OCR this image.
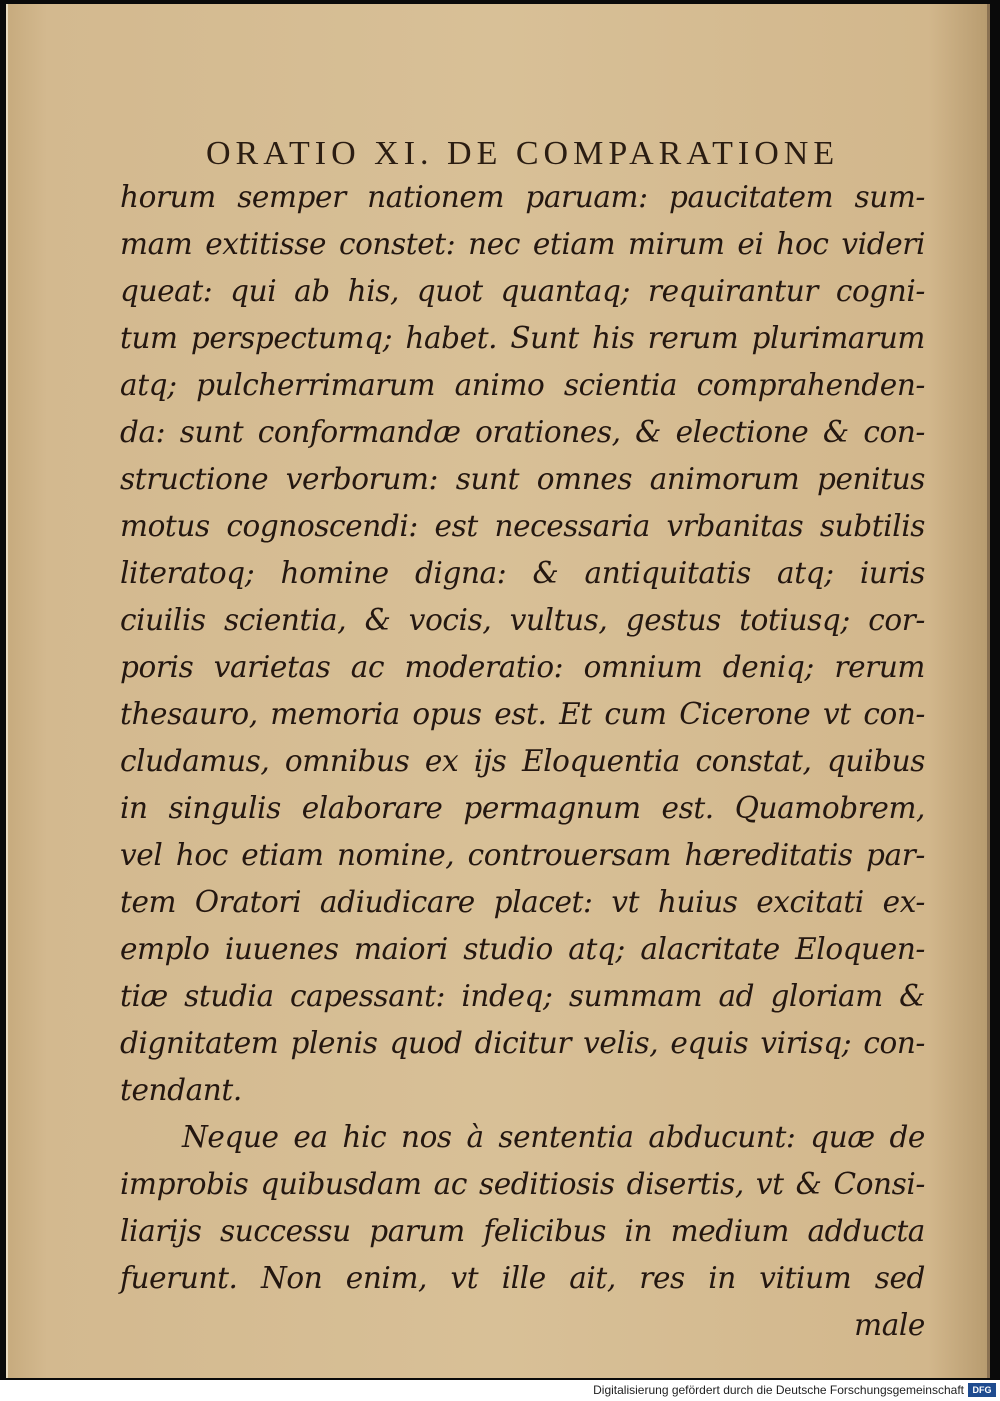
ORATIO XI. DE COMPARATIONE
horum semper nationem paruam: paucitatem sum-
mam extitisse constet: nec etiam mirum ei hoc videri
queat: qui ab his, quot quantaq; requirantur cogni-
tum perspectumq; habet. Sunt his rerum plurimarum
atq; pulcherrimarum animo scientia comprahenden-
da: sunt conformandæ orationes, & electione & con-
structione verborum: sunt omnes animorum penitus
motus cognoscendi: est necessaria vrbanitas subtilis
literatoq; homine digna: & antiquitatis atq; iuris
ciuilis scientia, & vocis, vultus, gestus totiusq; cor-
poris varietas ac moderatio: omnium deniq; rerum
thesauro, memoria opus est. Et cum Cicerone vt con-
cludamus, omnibus ex ijs Eloquentia constat, quibus
in singulis elaborare permagnum est. Quamobrem,
vel hoc etiam nomine, controuersam hæreditatis par-
tem Oratori adiudicare placet: vt huius excitati ex-
emplo iuuenes maiori studio atq; alacritate Eloquen-
tiæ studia capessant: indeq; summam ad gloriam &
dignitatem plenis quod dicitur velis, equis virisq; con-
tendant.
Neque ea hic nos à sententia abducunt: quæ de
improbis quibusdam ac seditiosis disertis, vt & Consi-
liarijs successu parum felicibus in medium adducta
fuerunt. Non enim, vt ille ait, res in vitium sed
male
Digitalisierung gefördert durch die Deutsche Forschungsgemeinschaft DFG
